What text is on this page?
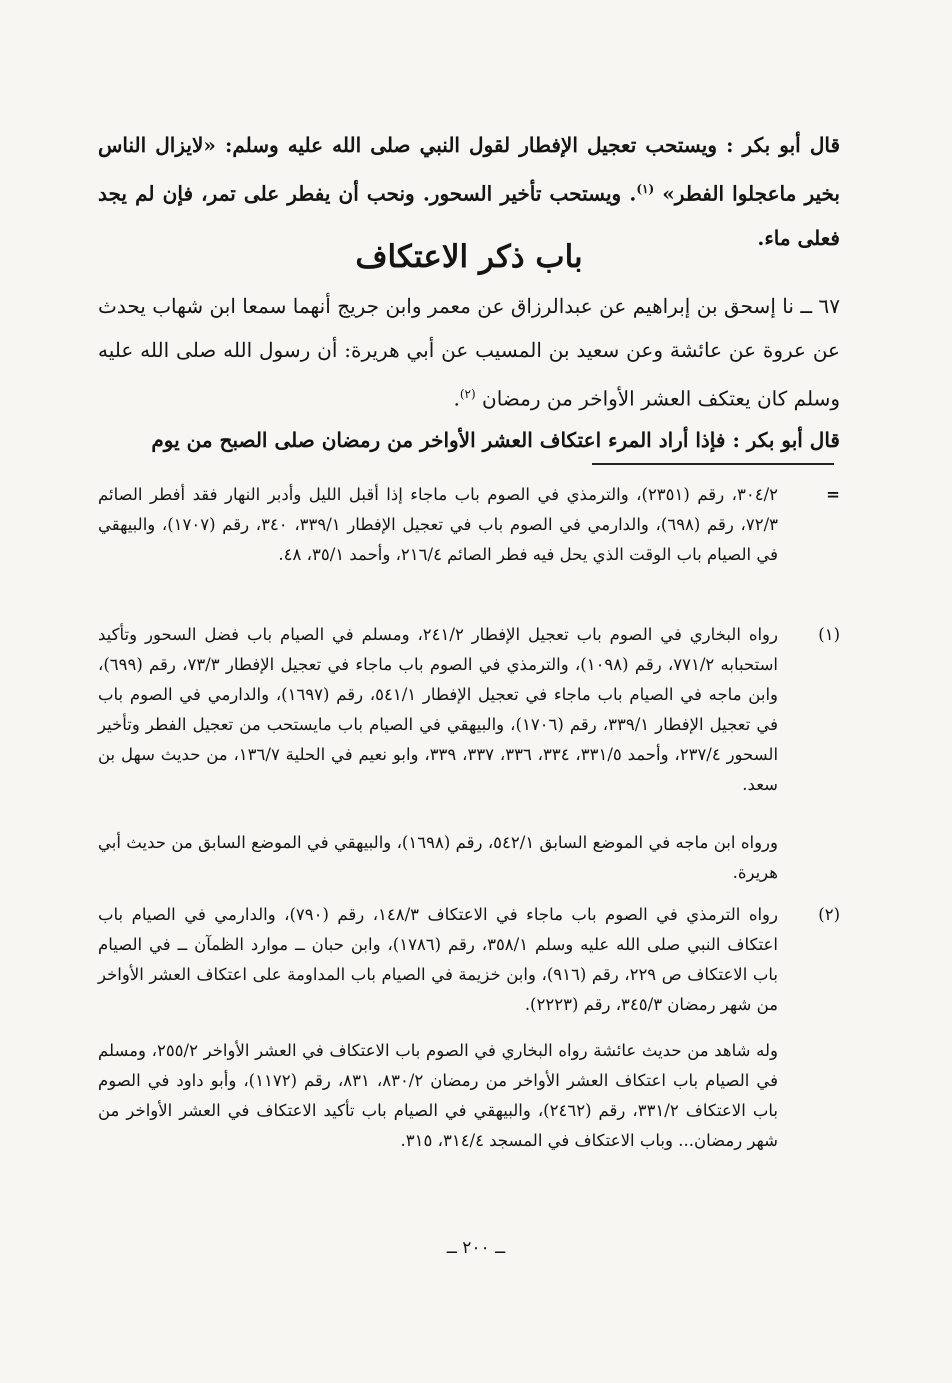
قال أبو بكر : ويستحب تعجيل الإفطار لقول النبي صلى الله عليه وسلم: «لايزال الناس بخير ماعجلوا الفطر» $^{(١)}$. ويستحب تأخير السحور. ونحب أن يفطر على تمر، فإن لم يجد فعلى ماء.
باب ذكر الاعتكاف
٦٧ ــ نا إسحق بن إبراهيم عن عبدالرزاق عن معمر وابن جريج أنهما سمعا ابن شهاب يحدث عن عروة عن عائشة وعن سعيد بن المسيب عن أبي هريرة: أن رسول الله صلى الله عليه وسلم كان يعتكف العشر الأواخر من رمضان $^{(٢)}$.
قال أبو بكر : فإذا أراد المرء اعتكاف العشر الأواخر من رمضان صلى الصبح من يوم
=
٣٠٤/٢، رقم (٢٣٥١)، والترمذي في الصوم باب ماجاء إذا أقبل الليل وأدبر النهار فقد أفطر الصائم ٧٢/٣، رقم (٦٩٨)، والدارمي في الصوم باب في تعجيل الإفطار ٣٣٩/١، ٣٤٠، رقم (١٧٠٧)، والبيهقي في الصيام باب الوقت الذي يحل فيه فطر الصائم ٢١٦/٤، وأحمد ٣٥/١، ٤٨.
(١)
رواه البخاري في الصوم باب تعجيل الإفطار ٢٤١/٢، ومسلم في الصيام باب فضل السحور وتأكيد استحبابه ٧٧١/٢، رقم (١٠٩٨)، والترمذي في الصوم باب ماجاء في تعجيل الإفطار ٧٣/٣، رقم (٦٩٩)، وابن ماجه في الصيام باب ماجاء في تعجيل الإفطار ٥٤١/١، رقم (١٦٩٧)، والدارمي في الصوم باب في تعجيل الإفطار ٣٣٩/١، رقم (١٧٠٦)، والبيهقي في الصيام باب مايستحب من تعجيل الفطر وتأخير السحور ٢٣٧/٤، وأحمد ٣٣١/٥، ٣٣٤، ٣٣٦، ٣٣٧، ٣٣٩، وابو نعيم في الحلية ١٣٦/٧، من حديث سهل بن سعد.
ورواه ابن ماجه في الموضع السابق ٥٤٢/١، رقم (١٦٩٨)، والبيهقي في الموضع السابق من حديث أبي هريرة.
(٢)
رواه الترمذي في الصوم باب ماجاء في الاعتكاف ١٤٨/٣، رقم (٧٩٠)، والدارمي في الصيام باب اعتكاف النبي صلى الله عليه وسلم ٣٥٨/١، رقم (١٧٨٦)، وابن حبان ــ موارد الظمآن ــ في الصيام باب الاعتكاف ص ٢٢٩، رقم (٩١٦)، وابن خزيمة في الصيام باب المداومة على اعتكاف العشر الأواخر من شهر رمضان ٣٤٥/٣، رقم (٢٢٢٣).
وله شاهد من حديث عائشة رواه البخاري في الصوم باب الاعتكاف في العشر الأواخر ٢٥٥/٢، ومسلم في الصيام باب اعتكاف العشر الأواخر من رمضان ٨٣٠/٢، ٨٣١، رقم (١١٧٢)، وأبو داود في الصوم باب الاعتكاف ٣٣١/٢، رقم (٢٤٦٢)، والبيهقي في الصيام باب تأكيد الاعتكاف في العشر الأواخر من شهر رمضان... وباب الاعتكاف في المسجد ٣١٤/٤، ٣١٥.
ــ ٢٠٠ ــ
